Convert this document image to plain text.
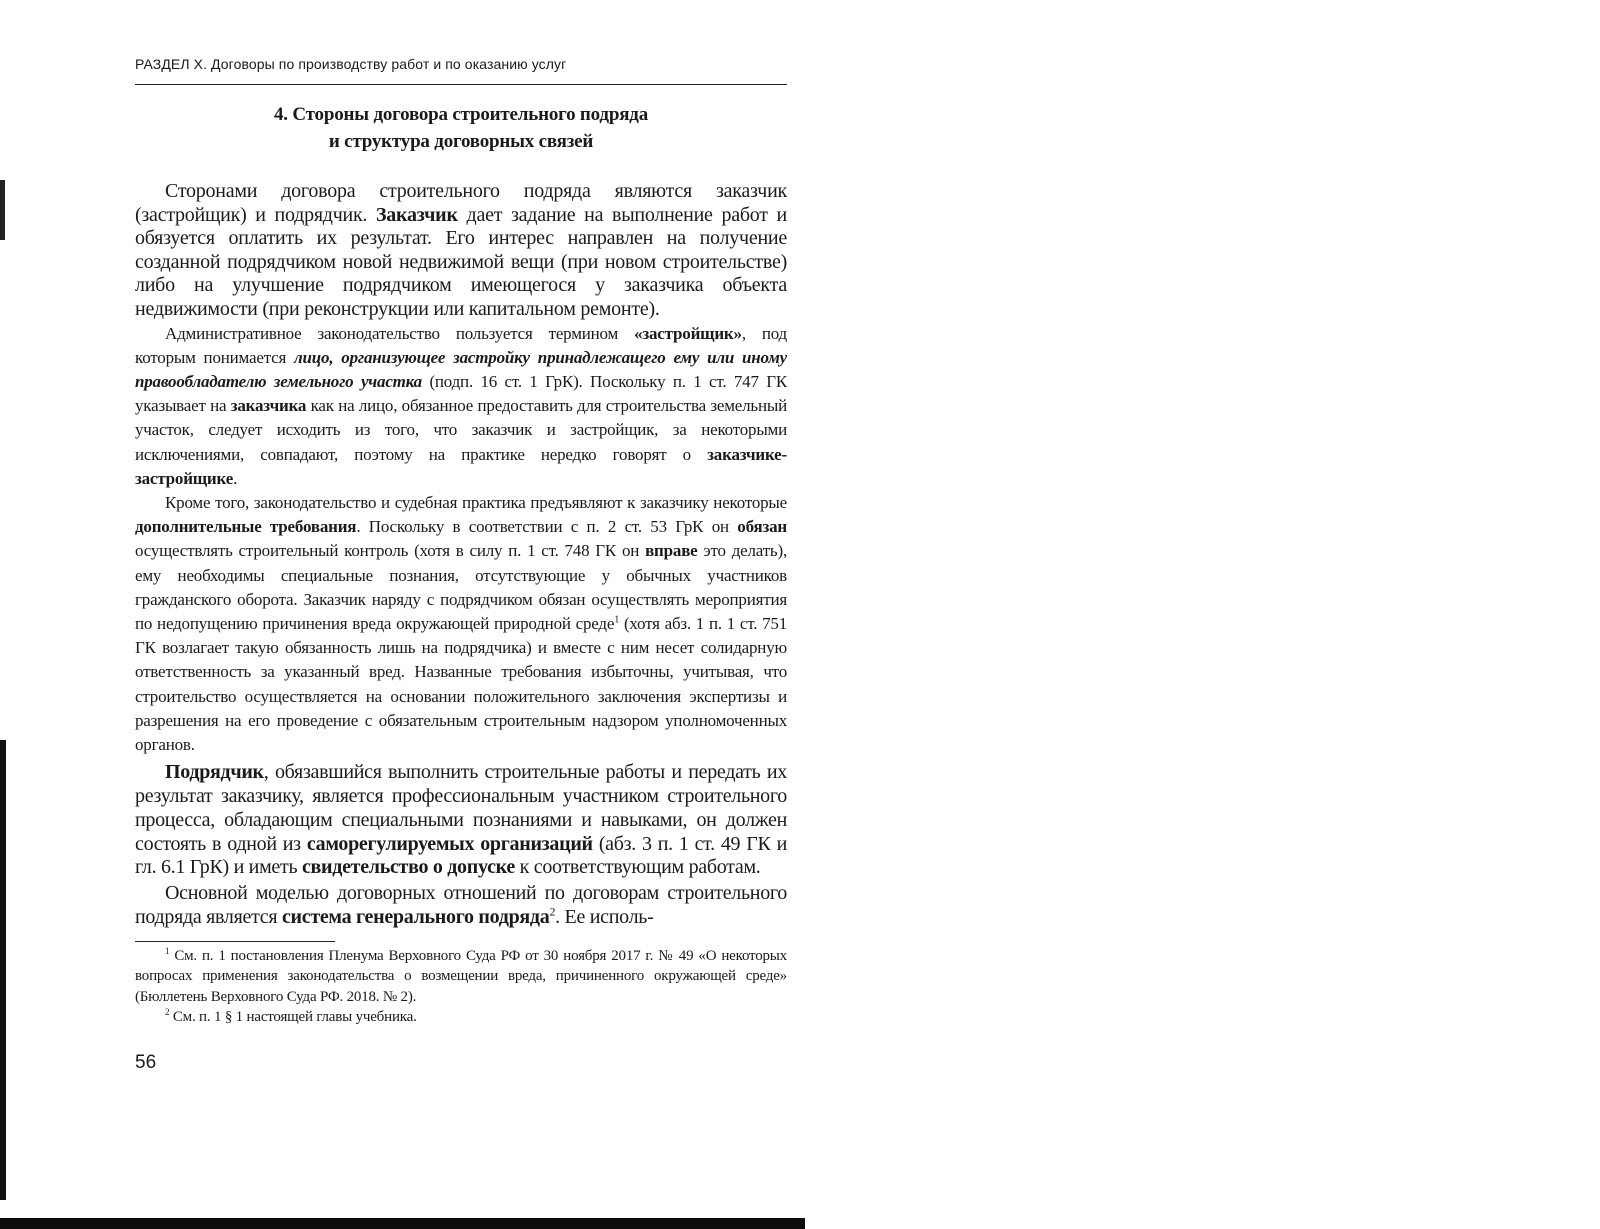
РАЗДЕЛ X. Договоры по производству работ и по оказанию услуг
4. Стороны договора строительного подряда
и структура договорных связей

Сторонами договора строительного подряда являются заказчик (застройщик) и подрядчик. Заказчик дает задание на выполнение работ и обязуется оплатить их результат. Его интерес направлен на получение созданной подрядчиком новой недвижимой вещи (при новом строительстве) либо на улучшение подрядчиком имеющегося у заказчика объекта недвижимости (при реконструкции или капитальном ремонте).

Административное законодательство пользуется термином «застройщик», под которым понимается лицо, организующее застройку принадлежащего ему или иному правообладателю земельного участка (подп. 16 ст. 1 ГрК). Поскольку п. 1 ст. 747 ГК указывает на заказчика как на лицо, обязанное предоставить для строительства земельный участок, следует исходить из того, что заказчик и застройщик, за некоторыми исключениями, совпадают, поэтому на практике нередко говорят о заказчике-застройщике.

Кроме того, законодательство и судебная практика предъявляют к заказчику некоторые дополнительные требования. Поскольку в соответствии с п. 2 ст. 53 ГрК он обязан осуществлять строительный контроль (хотя в силу п. 1 ст. 748 ГК он вправе это делать), ему необходимы специальные познания, отсутствующие у обычных участников гражданского оборота. Заказчик наряду с подрядчиком обязан осуществлять мероприятия по недопущению причинения вреда окружающей природной среде$^1$ (хотя абз. 1 п. 1 ст. 751 ГК возлагает такую обязанность лишь на подрядчика) и вместе с ним несет солидарную ответственность за указанный вред. Названные требования избыточны, учитывая, что строительство осуществляется на основании положительного заключения экспертизы и разрешения на его проведение с обязательным строительным надзором уполномоченных органов.

Подрядчик, обязавшийся выполнить строительные работы и передать их результат заказчику, является профессиональным участником строительного процесса, обладающим специальными познаниями и навыками, он должен состоять в одной из саморегулируемых организаций (абз. 3 п. 1 ст. 49 ГК и гл. 6.1 ГрК) и иметь свидетельство о допуске к соответствующим работам.

Основной моделью договорных отношений по договорам строительного подряда является система генерального подряда$^2$. Ее исполь-

$^1$ См. п. 1 постановления Пленума Верховного Суда РФ от 30 ноября 2017 г. № 49 «О некоторых вопросах применения законодательства о возмещении вреда, причиненного окружающей среде» (Бюллетень Верховного Суда РФ. 2018. № 2).

$^2$ См. п. 1 § 1 настоящей главы учебника.

56
